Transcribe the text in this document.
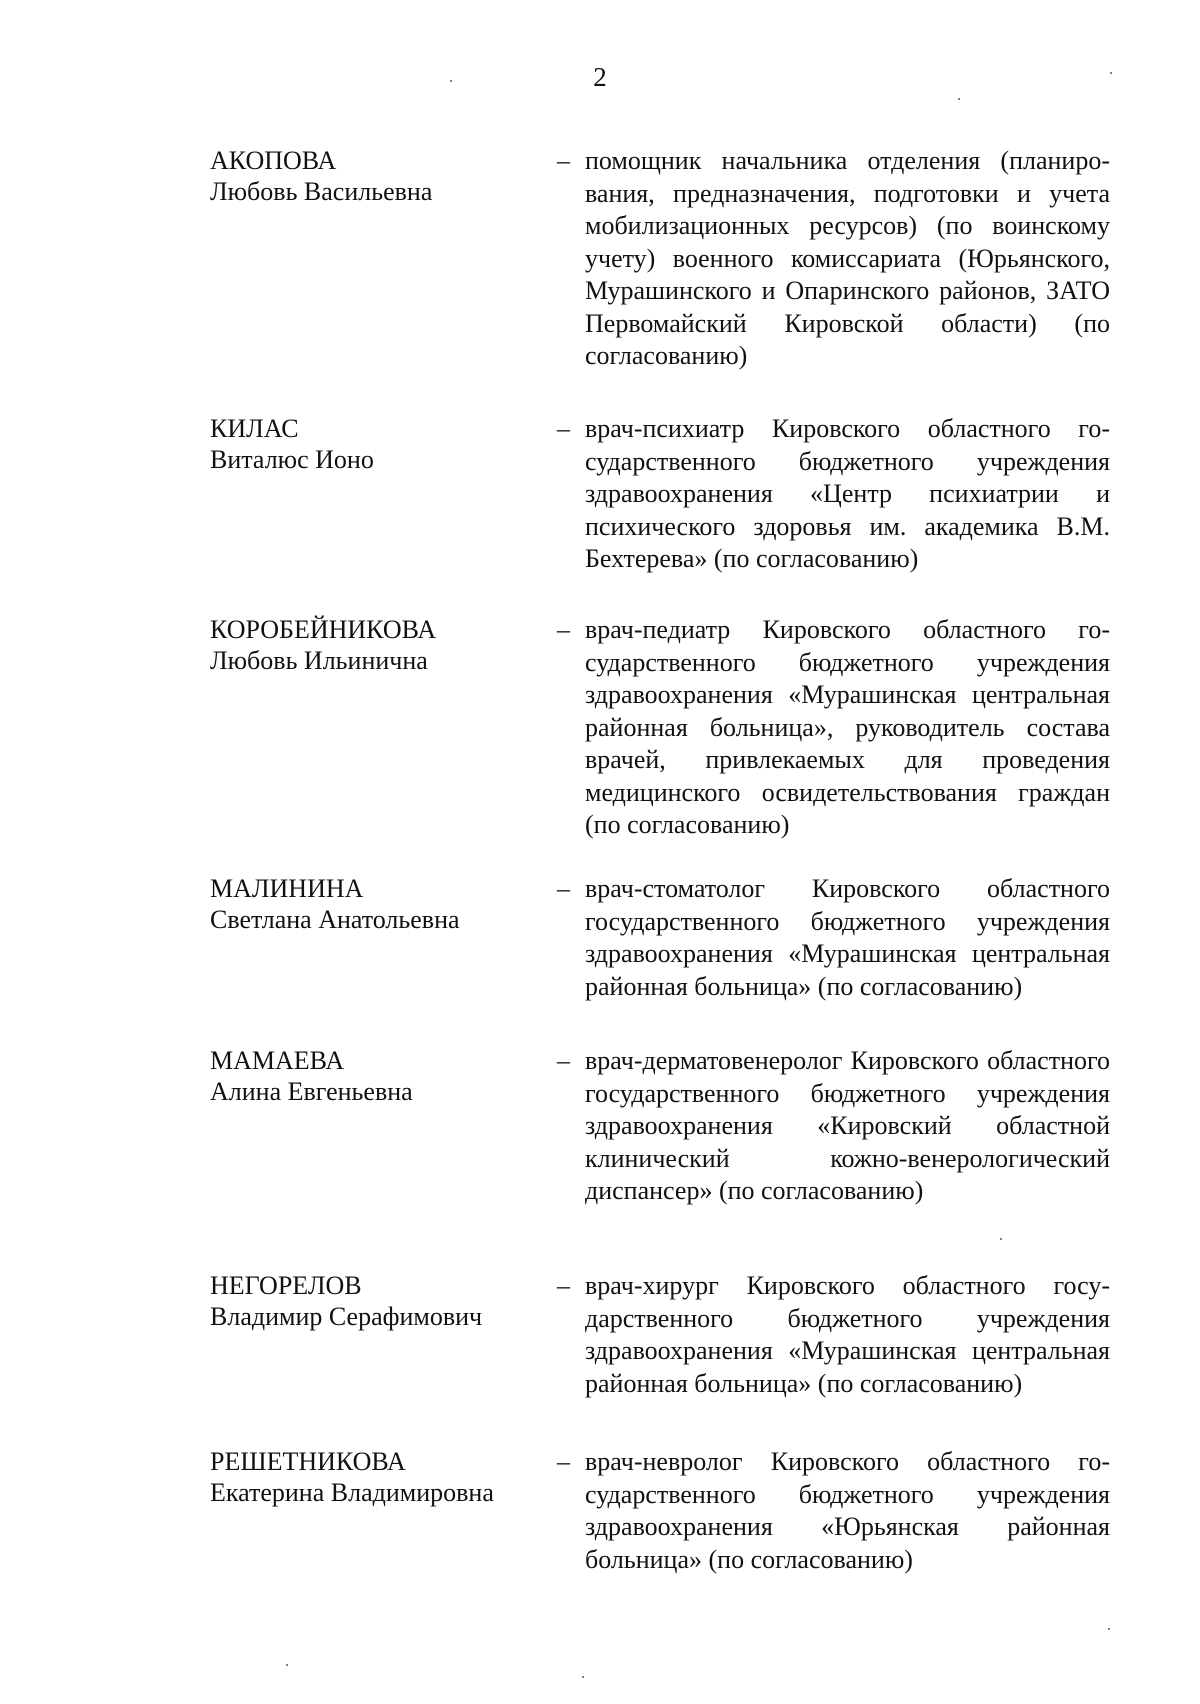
2
АКОПОВА
Любовь Васильевна
– помощник начальника отделения (планирования, предназначения, подготовки и учета мобилизационных ресурсов) (по воинскому учету) военного комиссариата (Юрьянского, Мурашинского и Опаринского районов, ЗАТО Первомайский Кировской области) (по согласованию)
КИЛАС
Виталюс Ионо
– врач-психиатр Кировского областного государственного бюджетного учреждения здравоохранения «Центр психиатрии и психического здоровья им. академика В.М. Бехтерева» (по согласованию)
КОРОБЕЙНИКОВА
Любовь Ильинична
– врач-педиатр Кировского областного государственного бюджетного учреждения здравоохранения «Мурашинская центральная районная больница», руководитель состава врачей, привлекаемых для проведения медицинского освидетельствования граждан (по согласованию)
МАЛИНИНА
Светлана Анатольевна
– врач-стоматолог Кировского областного государственного бюджетного учреждения здравоохранения «Мурашинская центральная районная больница» (по согласованию)
МАМАЕВА
Алина Евгеньевна
– врач-дерматовенеролог Кировского областного государственного бюджетного учреждения здравоохранения «Кировский областной клинический кожно-венерологический диспансер» (по согласованию)
НЕГОРЕЛОВ
Владимир Серафимович
– врач-хирург Кировского областного государственного бюджетного учреждения здравоохранения «Мурашинская центральная районная больница» (по согласованию)
РЕШЕТНИКОВА
Екатерина Владимировна
– врач-невролог Кировского областного государственного бюджетного учреждения здравоохранения «Юрьянская районная больница» (по согласованию)
